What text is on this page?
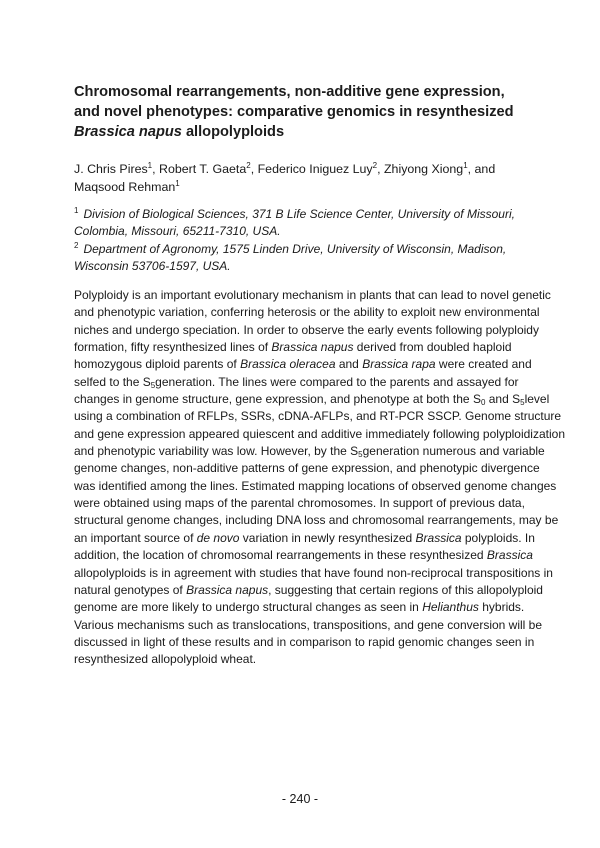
Chromosomal rearrangements, non-additive gene expression, and novel phenotypes: comparative genomics in resynthesized Brassica napus allopolyploids
J. Chris Pires$^1$, Robert T. Gaeta$^2$, Federico Iniguez Luy$^2$, Zhiyong Xiong$^1$, and Maqsood Rehman$^1$
$^1$ Division of Biological Sciences, 371 B Life Science Center, University of Missouri, Colombia, Missouri, 65211-7310, USA.
$^2$ Department of Agronomy, 1575 Linden Drive, University of Wisconsin, Madison, Wisconsin 53706-1597, USA.
Polyploidy is an important evolutionary mechanism in plants that can lead to novel genetic
and phenotypic variation, conferring heterosis or the ability to exploit new environmental
niches and undergo speciation. In order to observe the early events following polyploidy
formation, fifty resynthesized lines of Brassica napus derived from doubled haploid
homozygous diploid parents of Brassica oleracea and Brassica rapa were created and
selfed to the $S_5generation$. The lines were compared to the parents and assayed for
changes in genome structure, gene expression, and phenotype at both the $S_0$ and $S_5level$
using a combination of RFLPs, SSRs, cDNA-AFLPs, and RT-PCR SSCP. Genome structure
and gene expression appeared quiescent and additive immediately following polyploidization
and phenotypic variability was low. However, by the $S_5generation$ numerous and variable
genome changes, non-additive patterns of gene expression, and phenotypic divergence
was identified among the lines. Estimated mapping locations of observed genome changes
were obtained using maps of the parental chromosomes. In support of previous data,
structural genome changes, including DNA loss and chromosomal rearrangements, may be
an important source of de novo variation in newly resynthesized Brassica polyploids. In
addition, the location of chromosomal rearrangements in these resynthesized Brassica
allopolyploids is in agreement with studies that have found non-reciprocal transpositions in
natural genotypes of Brassica napus, suggesting that certain regions of this allopolyploid
genome are more likely to undergo structural changes as seen in Helianthus hybrids.
Various mechanisms such as translocations, transpositions, and gene conversion will be
discussed in light of these results and in comparison to rapid genomic changes seen in
resynthesized allopolyploid wheat.
- 240 -
